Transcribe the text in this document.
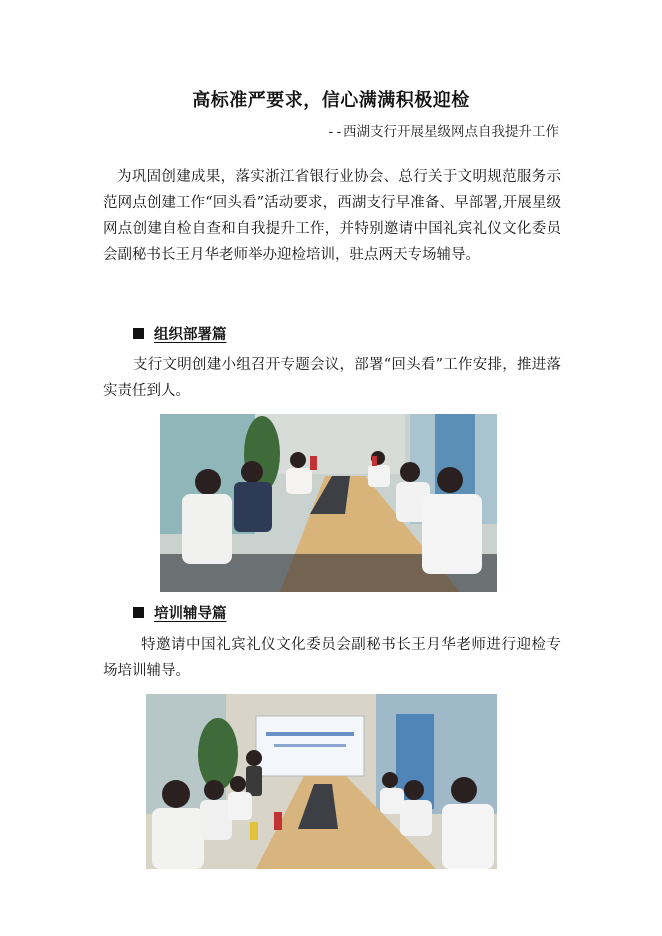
高标准严要求，信心满满积极迎检
--西湖支行开展星级网点自我提升工作

为巩固创建成果，落实浙江省银行业协会、总行关于文明规范服务示范网点创建工作“回头看”活动要求，西湖支行早准备、早部署,开展星级网点创建自检自查和自我提升工作，并特别邀请中国礼宾礼仪文化委员会副秘书长王月华老师举办迎检培训，驻点两天专场辅导。

组织部署篇

支行文明创建小组召开专题会议，部署“回头看”工作安排，推进落实责任到人。

培训辅导篇

特邀请中国礼宾礼仪文化委员会副秘书长王月华老师进行迎检专场培训辅导。
